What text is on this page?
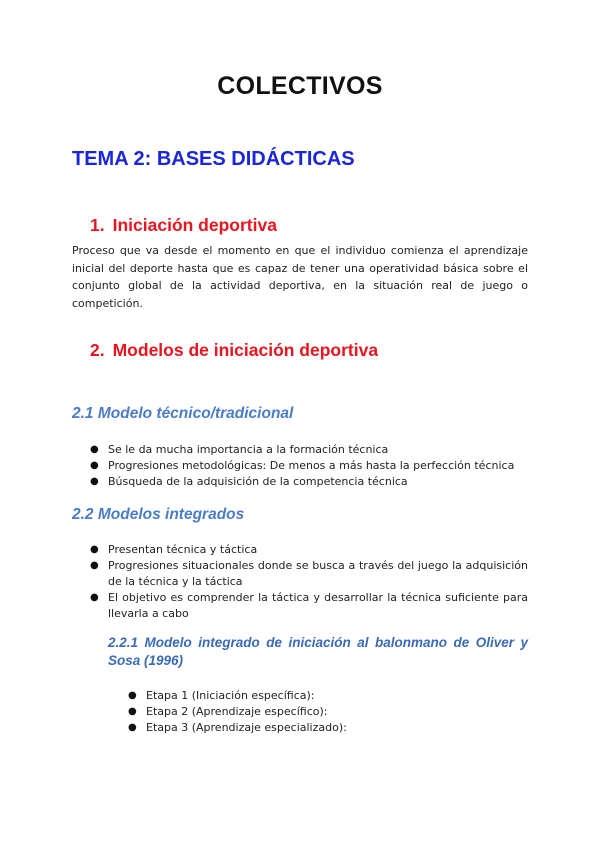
COLECTIVOS
TEMA 2: BASES DIDÁCTICAS
1. Iniciación deportiva

Proceso que va desde el momento en que el individuo comienza el aprendizaje inicial del deporte hasta que es capaz de tener una operatividad básica sobre el conjunto global de la actividad deportiva, en la situación real de juego o competición.

2. Modelos de iniciación deportiva
2.1 Modelo técnico/tradicional
● Se le da mucha importancia a la formación técnica
● Progresiones metodológicas: De menos a más hasta la perfección técnica
● Búsqueda de la adquisición de la competencia técnica
2.2 Modelos integrados
● Presentan técnica y táctica
● Progresiones situacionales donde se busca a través del juego la adquisición de la técnica y la táctica
● El objetivo es comprender la táctica y desarrollar la técnica suficiente para llevarla a cabo
2.2.1 Modelo integrado de iniciación al balonmano de Oliver y Sosa (1996)
● Etapa 1 (Iniciación específica):
● Etapa 2 (Aprendizaje específico):
● Etapa 3 (Aprendizaje especializado):
